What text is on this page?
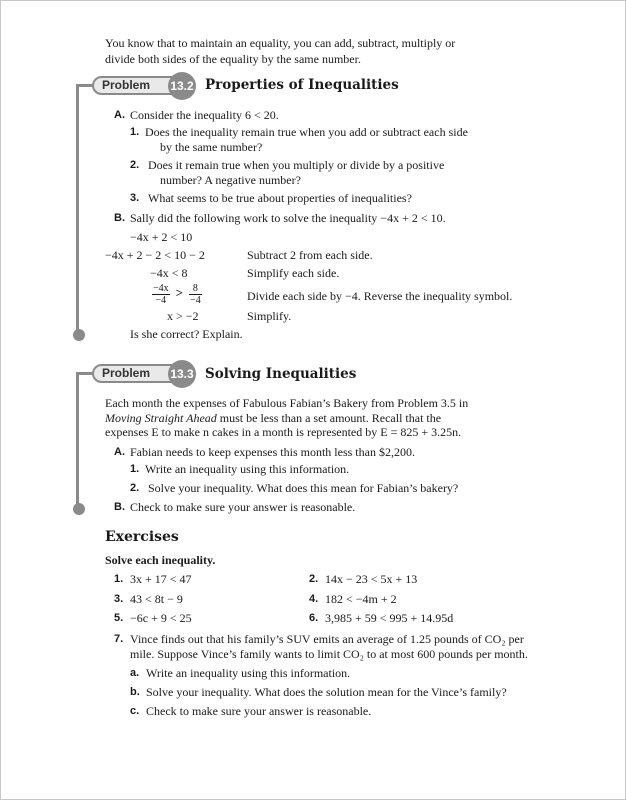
You know that to maintain an equality, you can add, subtract, multiply or
divide both sides of the equality by the same number.
Problem	13.2 Properties of Inequalities
A. Consider the inequality 6 < 20.
1. Does the inequality remain true when you add or subtract each side
by the same number?
2. Does it remain true when you multiply or divide by a positive
number? A negative number?
3. What seems to be true about properties of inequalities?
B. Sally did the following work to solve the inequality −4x + 2 < 10.
−4x + 2 < 10
−4x + 2 − 2 < 10 − 2	Subtract 2 from each side.
−4x < 8	Simplify each side.
$\frac{-4x}{-4} > \frac{8}{-4}$	Divide each side by −4. Reverse the inequality symbol.
x > −2	Simplify.
Is she correct? Explain.
Problem	13.3 Solving Inequalities
Each month the expenses of Fabulous Fabian’s Bakery from Problem 3.5 in
Moving Straight Ahead must be less than a set amount. Recall that the
expenses E to make n cakes in a month is represented by E = 825 + 3.25n.
A. Fabian needs to keep expenses this month less than $2,200.
1. Write an inequality using this information.
2. Solve your inequality. What does this mean for Fabian’s bakery?
B. Check to make sure your answer is reasonable.
Exercises
Solve each inequality.
1. 3x + 17 < 47	2. 14x − 23 < 5x + 13
3. 43 < 8t − 9	4. 182 < −4m + 2
5. −6c + 9 < 25	6. 3,985 + 59 < 995 + 14.95d
7. Vince finds out that his family’s SUV emits an average of 1.25 pounds of CO₂ per
mile. Suppose Vince’s family wants to limit CO₂ to at most 600 pounds per month.
a. Write an inequality using this information.
b. Solve your inequality. What does the solution mean for the Vince’s family?
c. Check to make sure your answer is reasonable.
